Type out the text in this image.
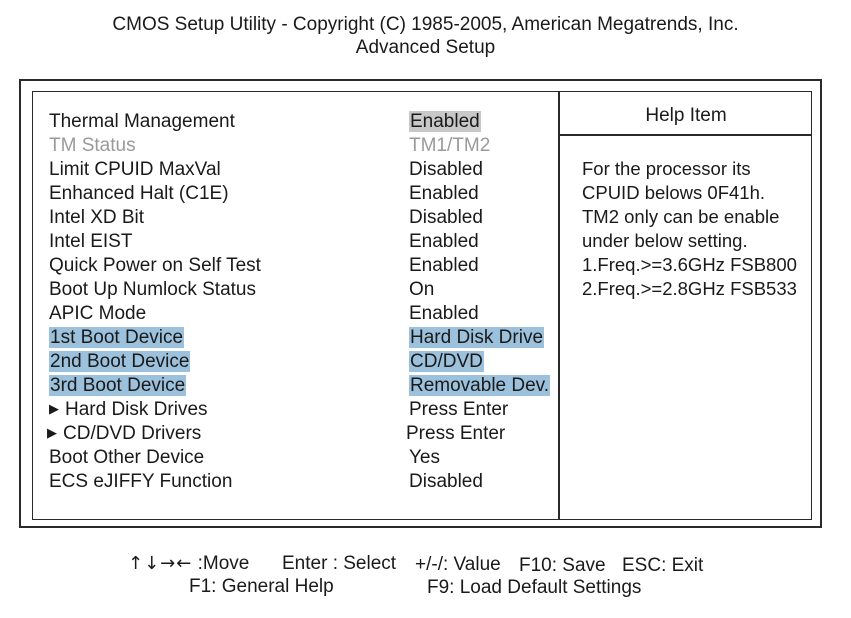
CMOS Setup Utility - Copyright (C) 1985-2005, American Megatrends, Inc.
Advanced Setup
Thermal Management	Enabled
TM Status	TM1/TM2
Limit CPUID MaxVal	Disabled
Enhanced Halt (C1E)	Enabled
Intel XD Bit	Disabled
Intel EIST	Enabled
Quick Power on Self Test	Enabled
Boot Up Numlock Status	On
APIC Mode	Enabled
1st Boot Device	Hard Disk Drive
2nd Boot Device	CD/DVD
3rd Boot Device	Removable Dev.
▶ Hard Disk Drives	Press Enter
▶ CD/DVD Drivers	Press Enter
Boot Other Device	Yes
ECS eJIFFY Function	Disabled
Help Item
For the processor its
CPUID belows 0F41h.
TM2 only can be enable
under below setting.
1.Freq.>=3.6GHz FSB800
2.Freq.>=2.8GHz FSB533
↑↓→← :Move Enter : Select +/-/: Value F10: Save ESC: Exit
F1: General Help	F9: Load Default Settings
